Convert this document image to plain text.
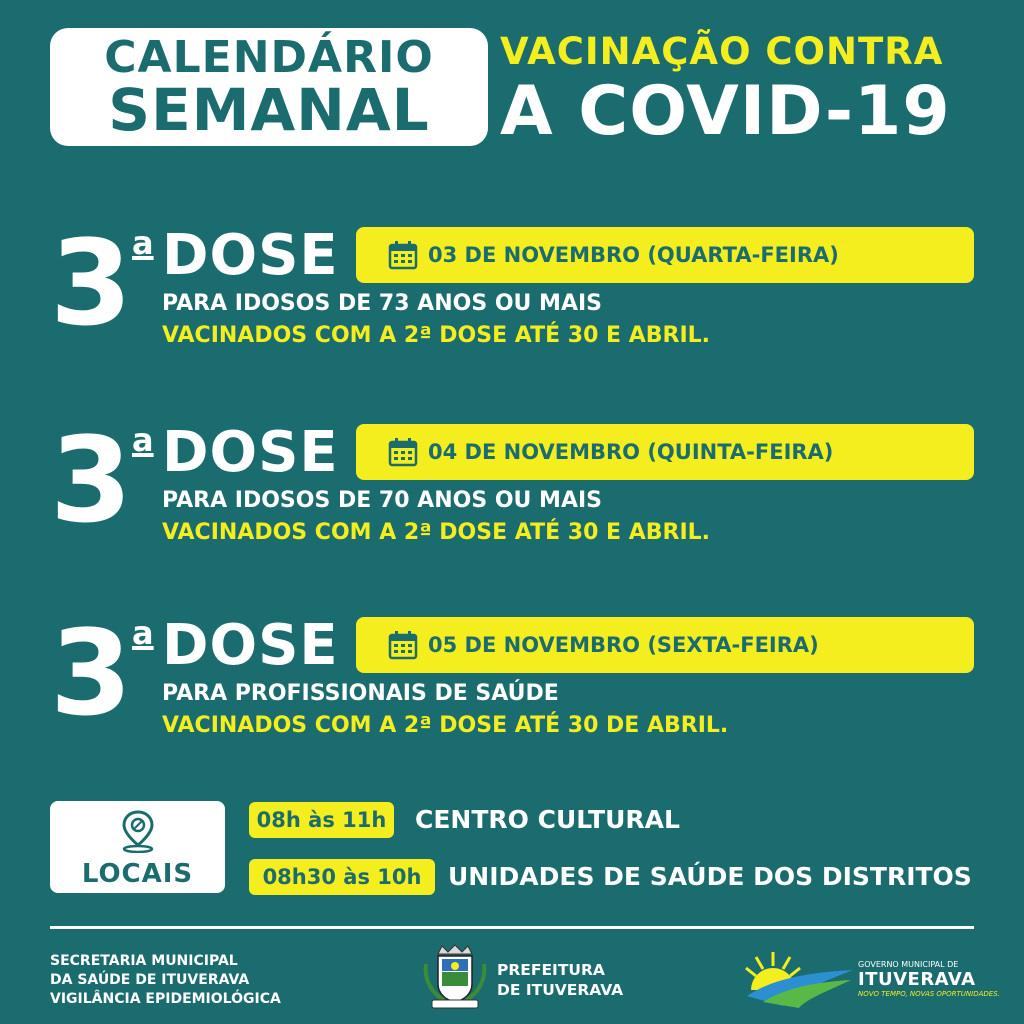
CALENDÁRIO
SEMANAL
VACINAÇÃO CONTRA
A COVID-19
3 a DOSE	03 DE NOVEMBRO (QUARTA-FEIRA)
PARA IDOSOS DE 73 ANOS OU MAIS
VACINADOS COM A 2ª DOSE ATÉ 30 E ABRIL.
3 a DOSE	04 DE NOVEMBRO (QUINTA-FEIRA)
PARA IDOSOS DE 70 ANOS OU MAIS
VACINADOS COM A 2ª DOSE ATÉ 30 E ABRIL.
3 a DOSE	05 DE NOVEMBRO (SEXTA-FEIRA)
PARA PROFISSIONAIS DE SAÚDE
VACINADOS COM A 2ª DOSE ATÉ 30 DE ABRIL.
LOCAIS
08h às 11h	CENTRO CULTURAL
08h30 às 10h	UNIDADES DE SAÚDE DOS DISTRITOS
SECRETARIA MUNICIPAL
DA SAÚDE DE ITUVERAVA
VIGILÂNCIA EPIDEMIOLÓGICA
PREFEITURA
DE ITUVERAVA
GOVERNO MUNICIPAL DE
ITUVERAVA
NOVO TEMPO, NOVAS OPORTUNIDADES.
